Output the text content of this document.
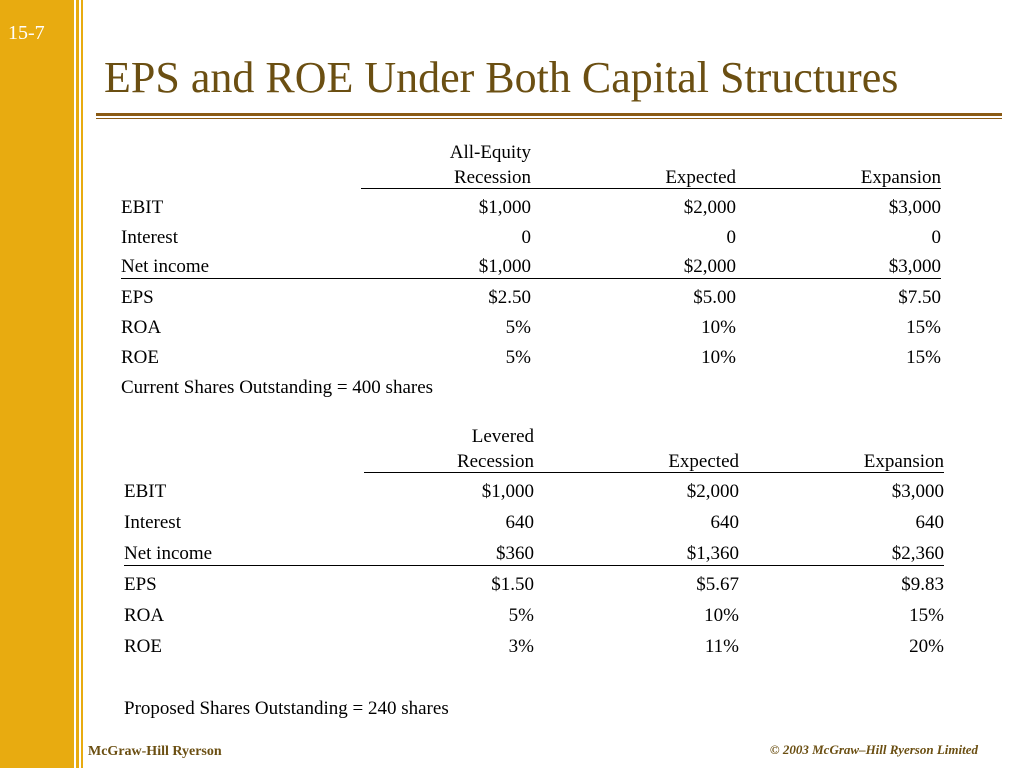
15-7
EPS and ROE Under Both Capital Structures
All-Equity
Recession	Expected	Expansion
EBIT	$1,000	$2,000	$3,000
Interest	0	0	0
Net income	$1,000	$2,000	$3,000
EPS	$2.50	$5.00	$7.50
ROA	5%	10%	15%
ROE	5%	10%	15%
Current Shares Outstanding = 400 shares
Levered
Recession	Expected	Expansion
EBIT	$1,000	$2,000	$3,000
Interest	640	640	640
Net income	$360	$1,360	$2,360
EPS	$1.50	$5.67	$9.83
ROA	5%	10%	15%
ROE	3%	11%	20%
Proposed Shares Outstanding = 240 shares
McGraw-Hill Ryerson	© 2003 McGraw–Hill Ryerson Limited
